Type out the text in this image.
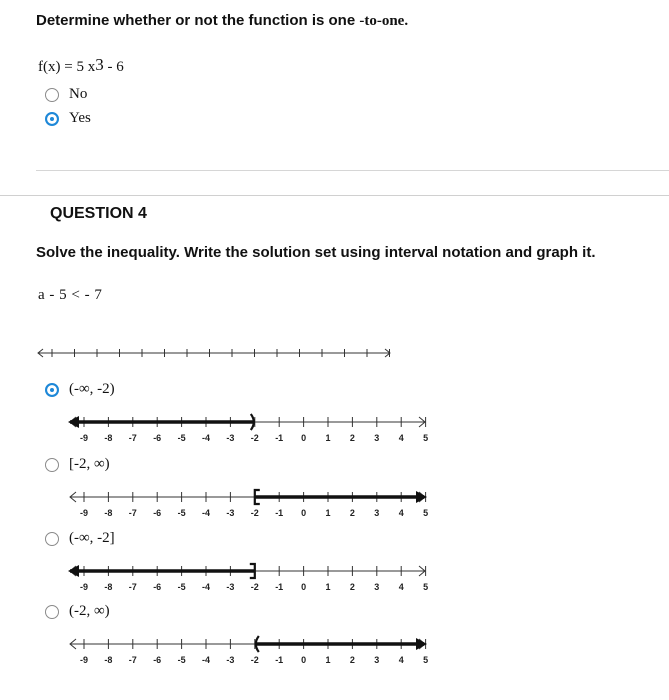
Determine whether or not the function is one -to-one.
f(x) = 5 $x^3 - 6$
No
Yes
QUESTION 4
Solve the inequality. Write the solution set using interval notation and graph it.
a - 5 < - 7
(-∞, -2)
-9 -8 -7 -6 -5 -4 -3 -2 -1 0 1 2 3 4 5
[-2, ∞)
-9 -8 -7 -6 -5 -4 -3 -2 -1 0 1 2 3 4 5
(-∞, -2]
-9 -8 -7 -6 -5 -4 -3 -2 -1 0 1 2 3 4 5
(-2, ∞)
-9 -8 -7 -6 -5 -4 -3 -2 -1 0 1 2 3 4 5
